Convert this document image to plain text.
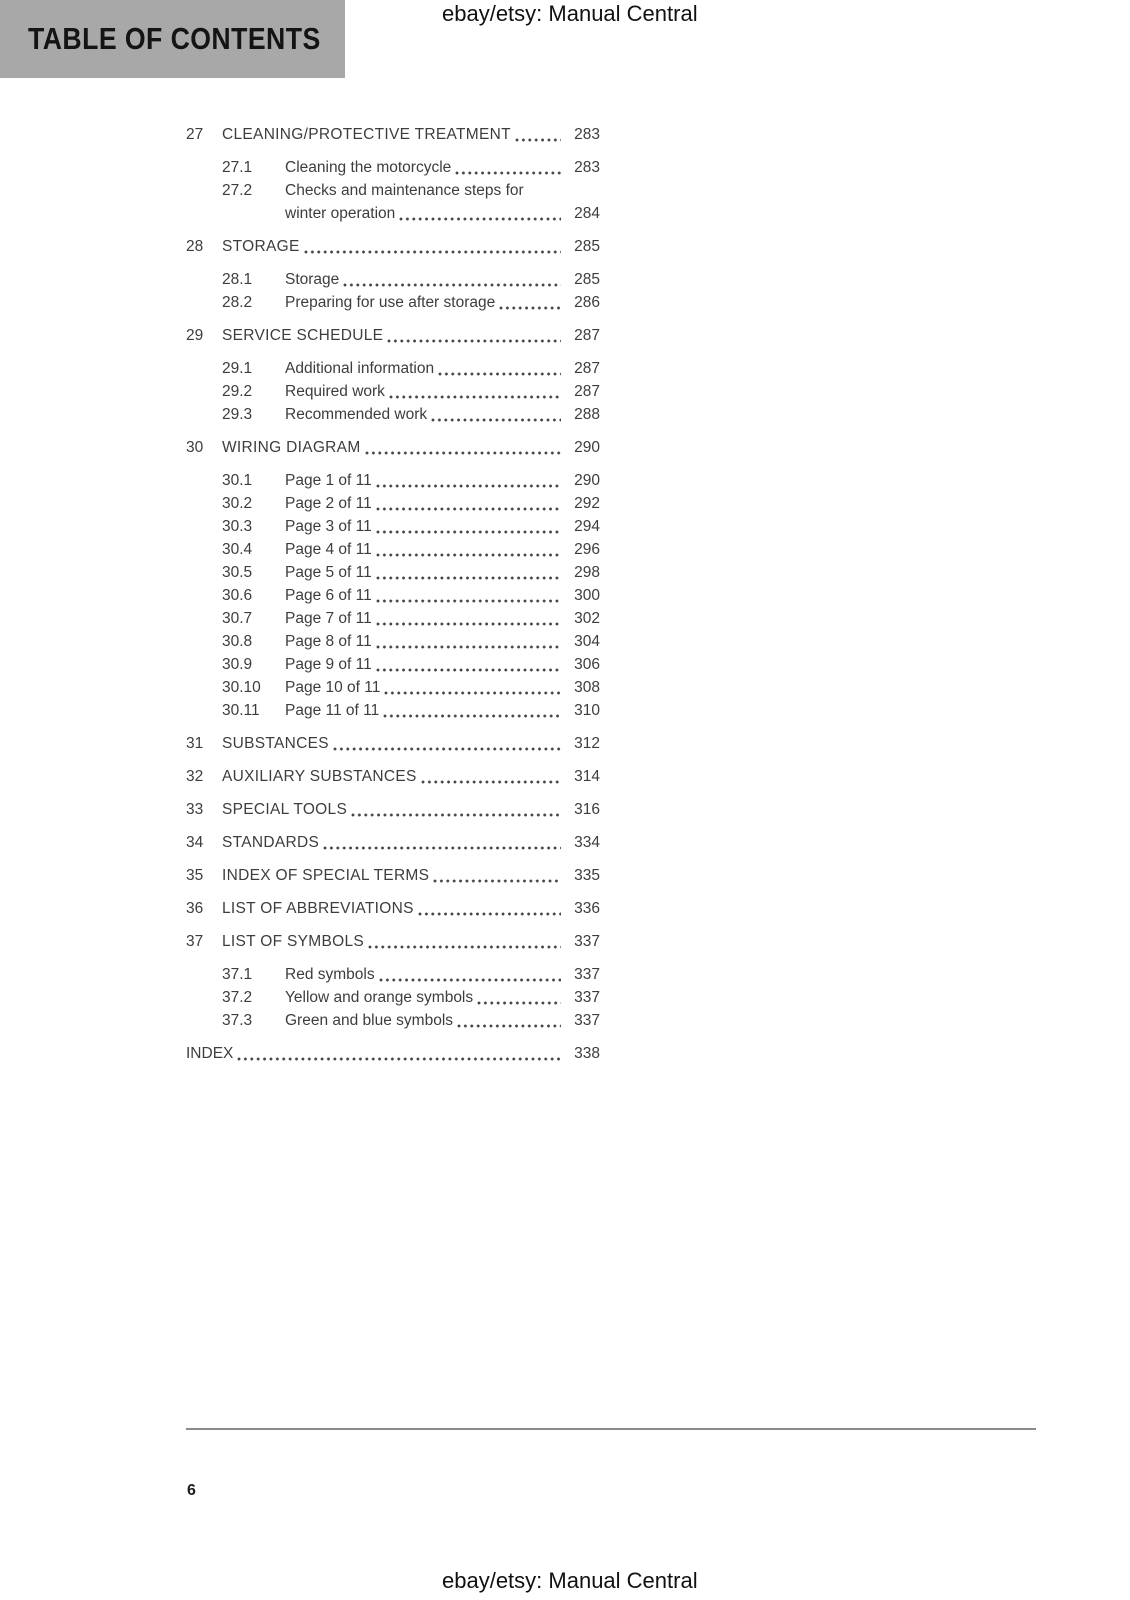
ebay/etsy: Manual Central
TABLE OF CONTENTS
27	CLEANING/PROTECTIVE TREATMENT	283
27.1	Cleaning the motorcycle	283
27.2	Checks and maintenance steps for
winter operation	284
28	STORAGE	285
28.1	Storage	285
28.2	Preparing for use after storage	286
29	SERVICE SCHEDULE	287
29.1	Additional information	287
29.2	Required work	287
29.3	Recommended work	288
30	WIRING DIAGRAM	290
30.1	Page 1 of 11	290
30.2	Page 2 of 11	292
30.3	Page 3 of 11	294
30.4	Page 4 of 11	296
30.5	Page 5 of 11	298
30.6	Page 6 of 11	300
30.7	Page 7 of 11	302
30.8	Page 8 of 11	304
30.9	Page 9 of 11	306
30.10	Page 10 of 11	308
30.11	Page 11 of 11	310
31	SUBSTANCES	312
32	AUXILIARY SUBSTANCES	314
33	SPECIAL TOOLS	316
34	STANDARDS	334
35	INDEX OF SPECIAL TERMS	335
36	LIST OF ABBREVIATIONS	336
37	LIST OF SYMBOLS	337
37.1	Red symbols	337
37.2	Yellow and orange symbols	337
37.3	Green and blue symbols	337
INDEX	338
6
ebay/etsy: Manual Central
